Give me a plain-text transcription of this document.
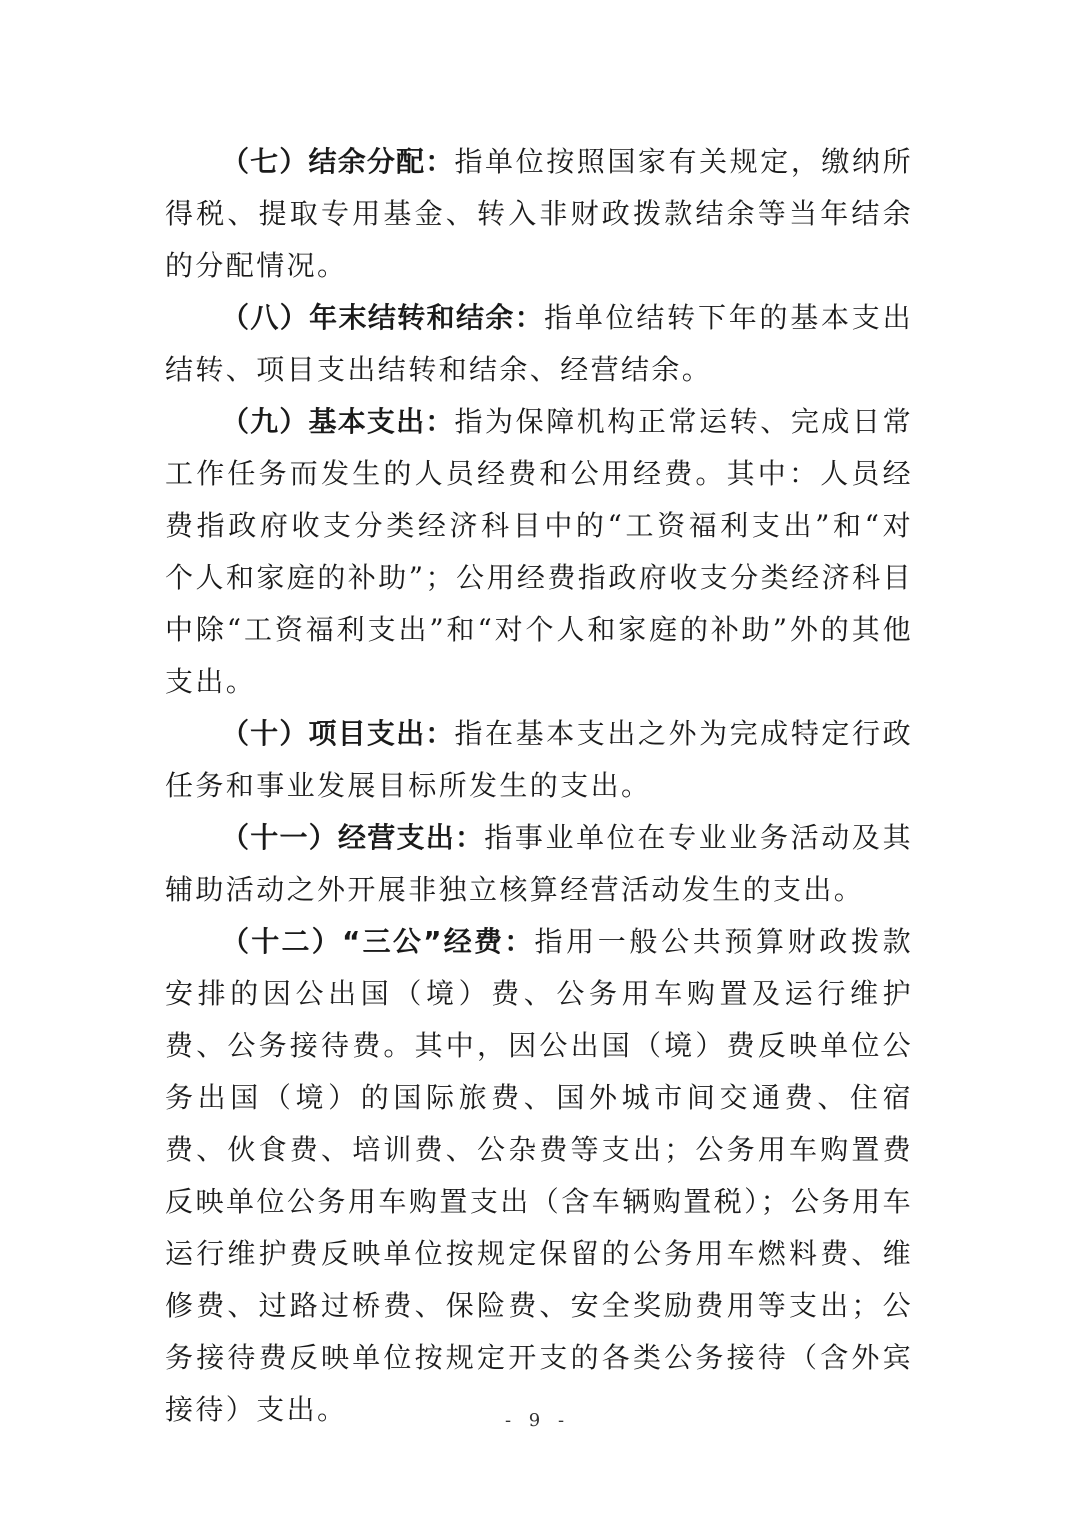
（七）结余分配：指单位按照国家有关规定，缴纳所得税、提取专用基金、转入非财政拨款结余等当年结余的分配情况。

（八）年末结转和结余：指单位结转下年的基本支出结转、项目支出结转和结余、经营结余。

（九）基本支出：指为保障机构正常运转、完成日常工作任务而发生的人员经费和公用经费。其中：人员经费指政府收支分类经济科目中的“工资福利支出”和“对个人和家庭的补助”；公用经费指政府收支分类经济科目中除“工资福利支出”和“对个人和家庭的补助”外的其他支出。

（十）项目支出：指在基本支出之外为完成特定行政任务和事业发展目标所发生的支出。

（十一）经营支出：指事业单位在专业业务活动及其辅助活动之外开展非独立核算经营活动发生的支出。

（十二）“三公”经费：指用一般公共预算财政拨款安排的因公出国（境）费、公务用车购置及运行维护费、公务接待费。其中，因公出国（境）费反映单位公务出国（境）的国际旅费、国外城市间交通费、住宿费、伙食费、培训费、公杂费等支出；公务用车购置费反映单位公务用车购置支出（含车辆购置税）；公务用车运行维护费反映单位按规定保留的公务用车燃料费、维修费、过路过桥费、保险费、安全奖励费用等支出；公务接待费反映单位按规定开支的各类公务接待（含外宾接待）支出。	- 9 -
